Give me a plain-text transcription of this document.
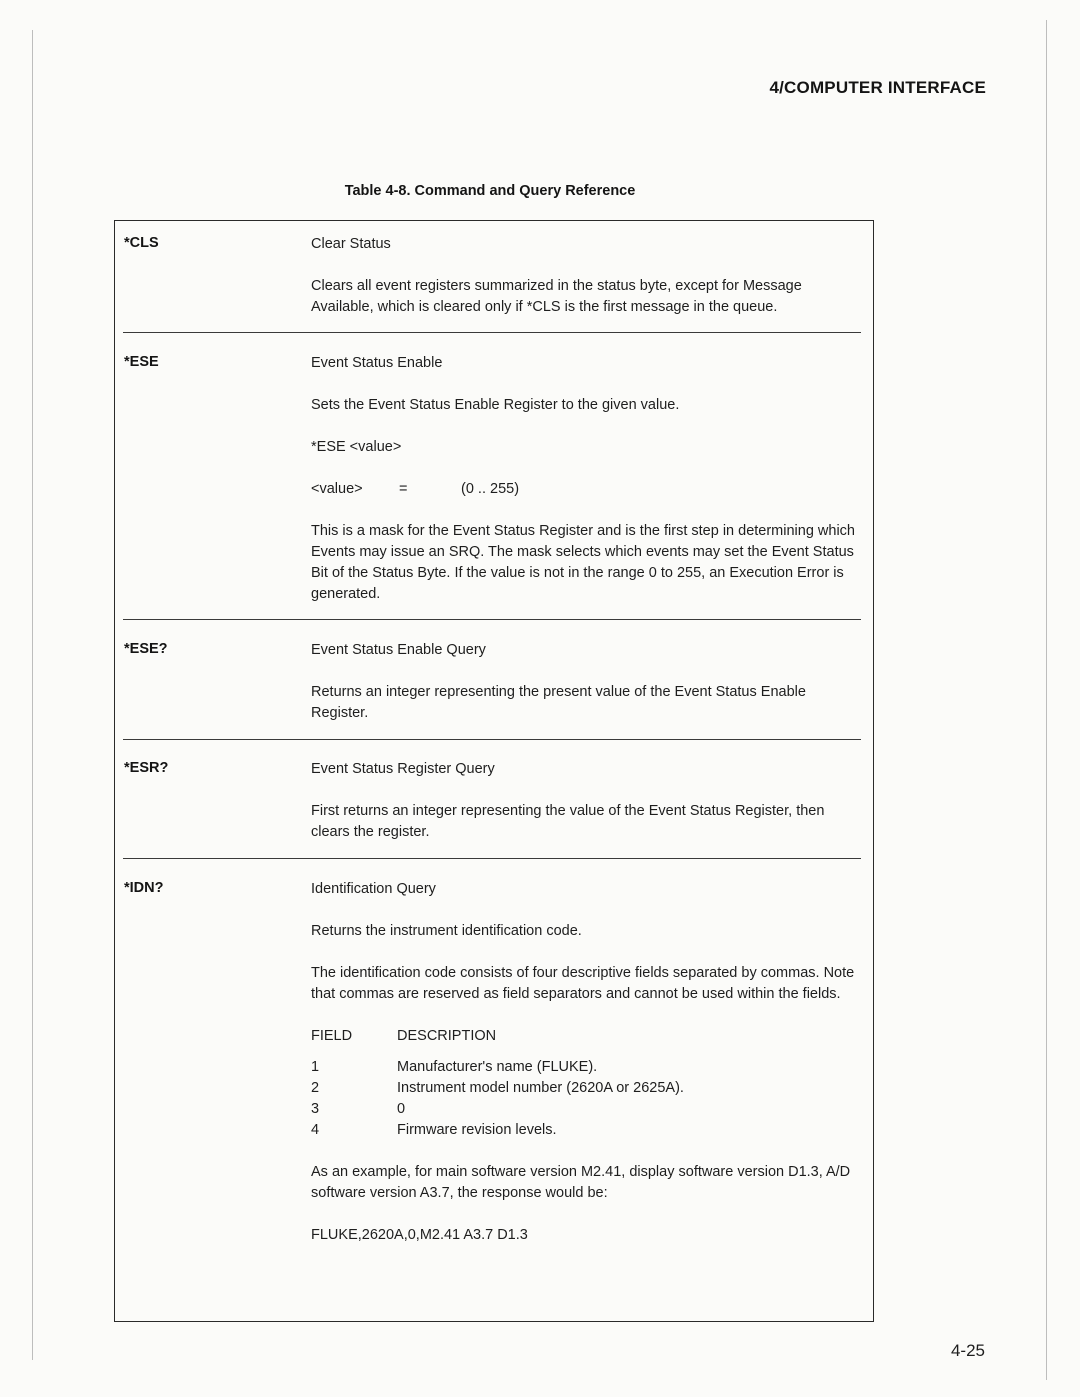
4/COMPUTER INTERFACE
Table 4-8. Command and Query Reference
*CLS	Clear Status

Clears all event registers summarized in the status byte, except for Message Available, which is cleared only if *CLS is the first message in the queue.

*ESE	Event Status Enable

Sets the Event Status Enable Register to the given value.

*ESE <value>

<value>	=	(0 .. 255)

This is a mask for the Event Status Register and is the first step in determining which Events may issue an SRQ. The mask selects which events may set the Event Status Bit of the Status Byte. If the value is not in the range 0 to 255, an Execution Error is generated.

*ESE?	Event Status Enable Query

Returns an integer representing the present value of the Event Status Enable Register.

*ESR?	Event Status Register Query

First returns an integer representing the value of the Event Status Register, then clears the register.

*IDN?	Identification Query

Returns the instrument identification code.

The identification code consists of four descriptive fields separated by commas. Note that commas are reserved as field separators and cannot be used within the fields.

FIELD	DESCRIPTION

1	Manufacturer's name (FLUKE).
2	Instrument model number (2620A or 2625A).
3	0
4	Firmware revision levels.

As an example, for main software version M2.41, display software version D1.3, A/D software version A3.7, the response would be:

FLUKE,2620A,0,M2.41 A3.7 D1.3

4-25
